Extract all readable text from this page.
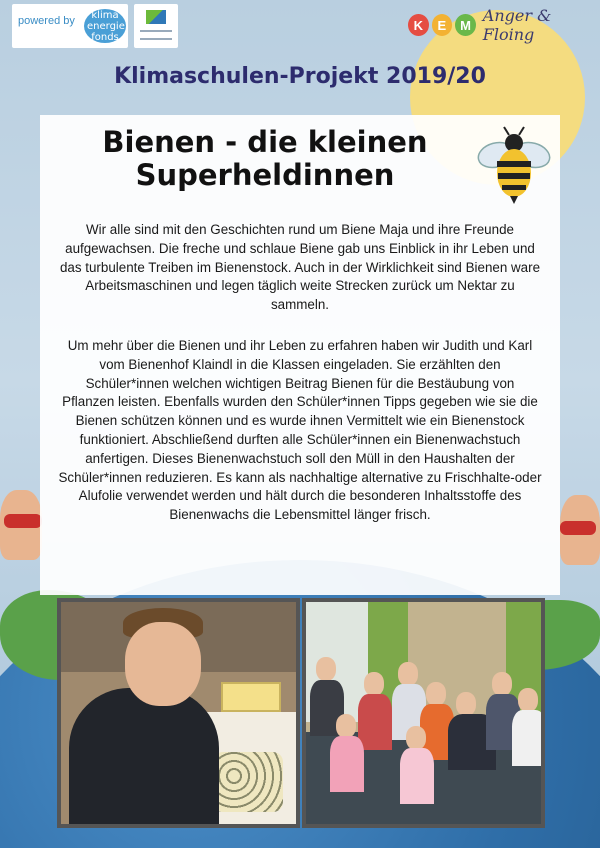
powered by	klima energie fonds
K	E	M Anger & Floing
Klimaschulen-Projekt 2019/20
Bienen - die kleinen
Superheldinnen
Wir alle sind mit den Geschichten rund um Biene Maja und ihre Freunde aufgewachsen. Die freche und schlaue Biene gab uns Einblick in ihr Leben und das turbulente Treiben im Bienenstock. Auch in der Wirklichkeit sind Bienen ware Arbeitsmaschinen und legen täglich weite Strecken zurück um Nektar zu sammeln.
Um mehr über die Bienen und ihr Leben zu erfahren haben wir Judith und Karl vom Bienenhof Klaindl in die Klassen eingeladen. Sie erzählten den Schüler*innen welchen wichtigen Beitrag Bienen für die Bestäubung von Pflanzen leisten. Ebenfalls wurden den Schüler*innen Tipps gegeben wie sie die Bienen schützen können und es wurde ihnen Vermittelt wie ein Bienenstock funktioniert. Abschließend durften alle Schüler*innen ein Bienenwachstuch anfertigen. Dieses Bienenwachstuch soll den Müll in den Haushalten der Schüler*innen reduzieren. Es kann als nachhaltige alternative zu Frischhalte-oder Alufolie verwendet werden und hält durch die besonderen Inhaltsstoffe des Bienenwachs die Lebensmittel länger frisch.
